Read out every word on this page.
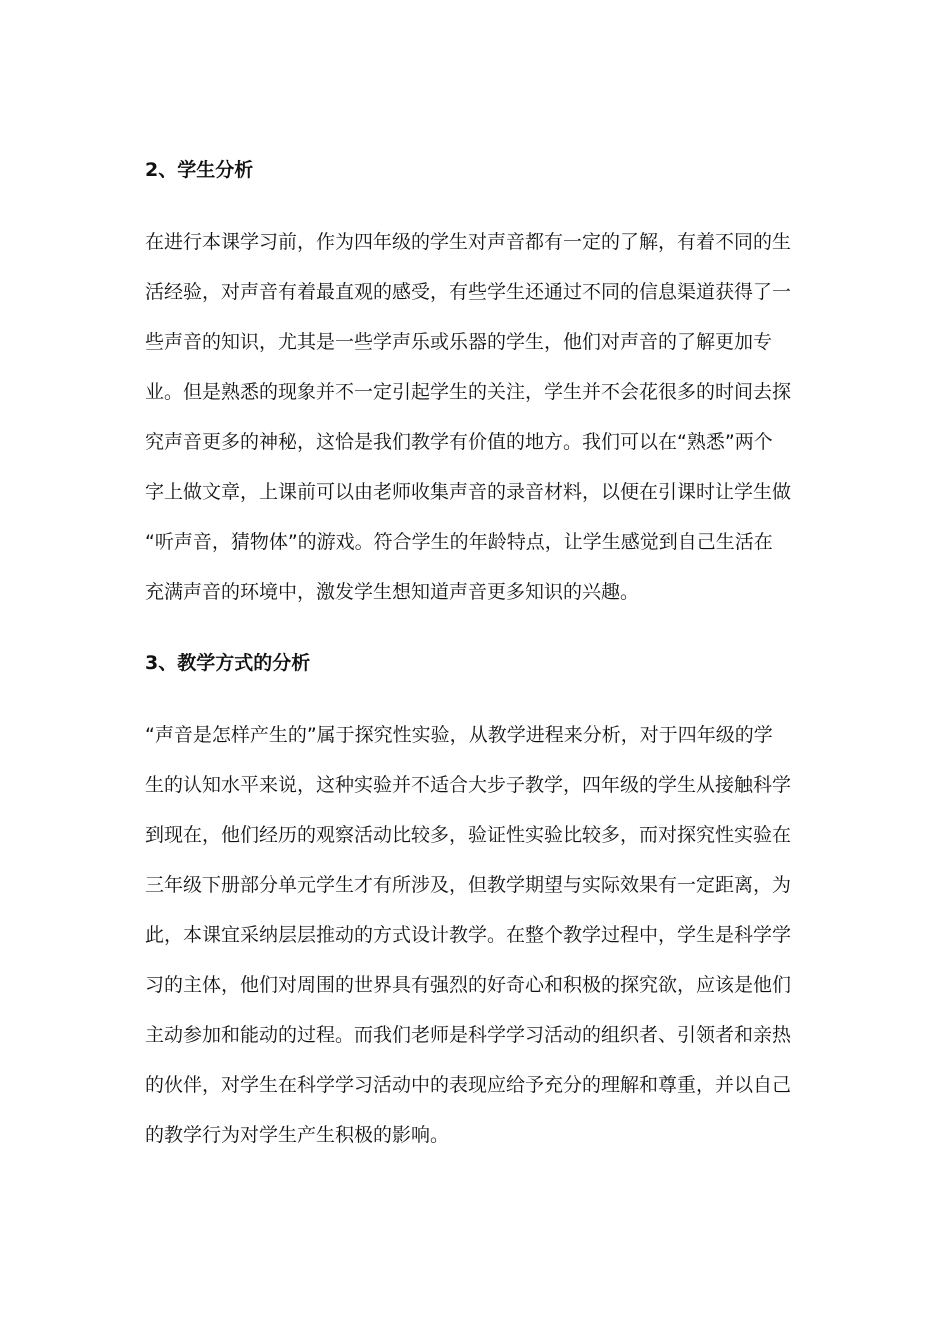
2、学生分析
在进行本课学习前，作为四年级的学生对声音都有一定的了解，有着不同的生
活经验，对声音有着最直观的感受，有些学生还通过不同的信息渠道获得了一
些声音的知识，尤其是一些学声乐或乐器的学生，他们对声音的了解更加专
业。但是熟悉的现象并不一定引起学生的关注，学生并不会花很多的时间去探
究声音更多的神秘，这恰是我们教学有价值的地方。我们可以在“熟悉”两个
字上做文章，上课前可以由老师收集声音的录音材料，以便在引课时让学生做
“听声音，猜物体”的游戏。符合学生的年龄特点，让学生感觉到自己生活在
充满声音的环境中，激发学生想知道声音更多知识的兴趣。
3、教学方式的分析
“声音是怎样产生的”属于探究性实验，从教学进程来分析，对于四年级的学
生的认知水平来说，这种实验并不适合大步子教学，四年级的学生从接触科学
到现在，他们经历的观察活动比较多，验证性实验比较多，而对探究性实验在
三年级下册部分单元学生才有所涉及，但教学期望与实际效果有一定距离，为
此，本课宜采纳层层推动的方式设计教学。在整个教学过程中，学生是科学学
习的主体，他们对周围的世界具有强烈的好奇心和积极的探究欲，应该是他们
主动参加和能动的过程。而我们老师是科学学习活动的组织者、引领者和亲热
的伙伴，对学生在科学学习活动中的表现应给予充分的理解和尊重，并以自己
的教学行为对学生产生积极的影响。
